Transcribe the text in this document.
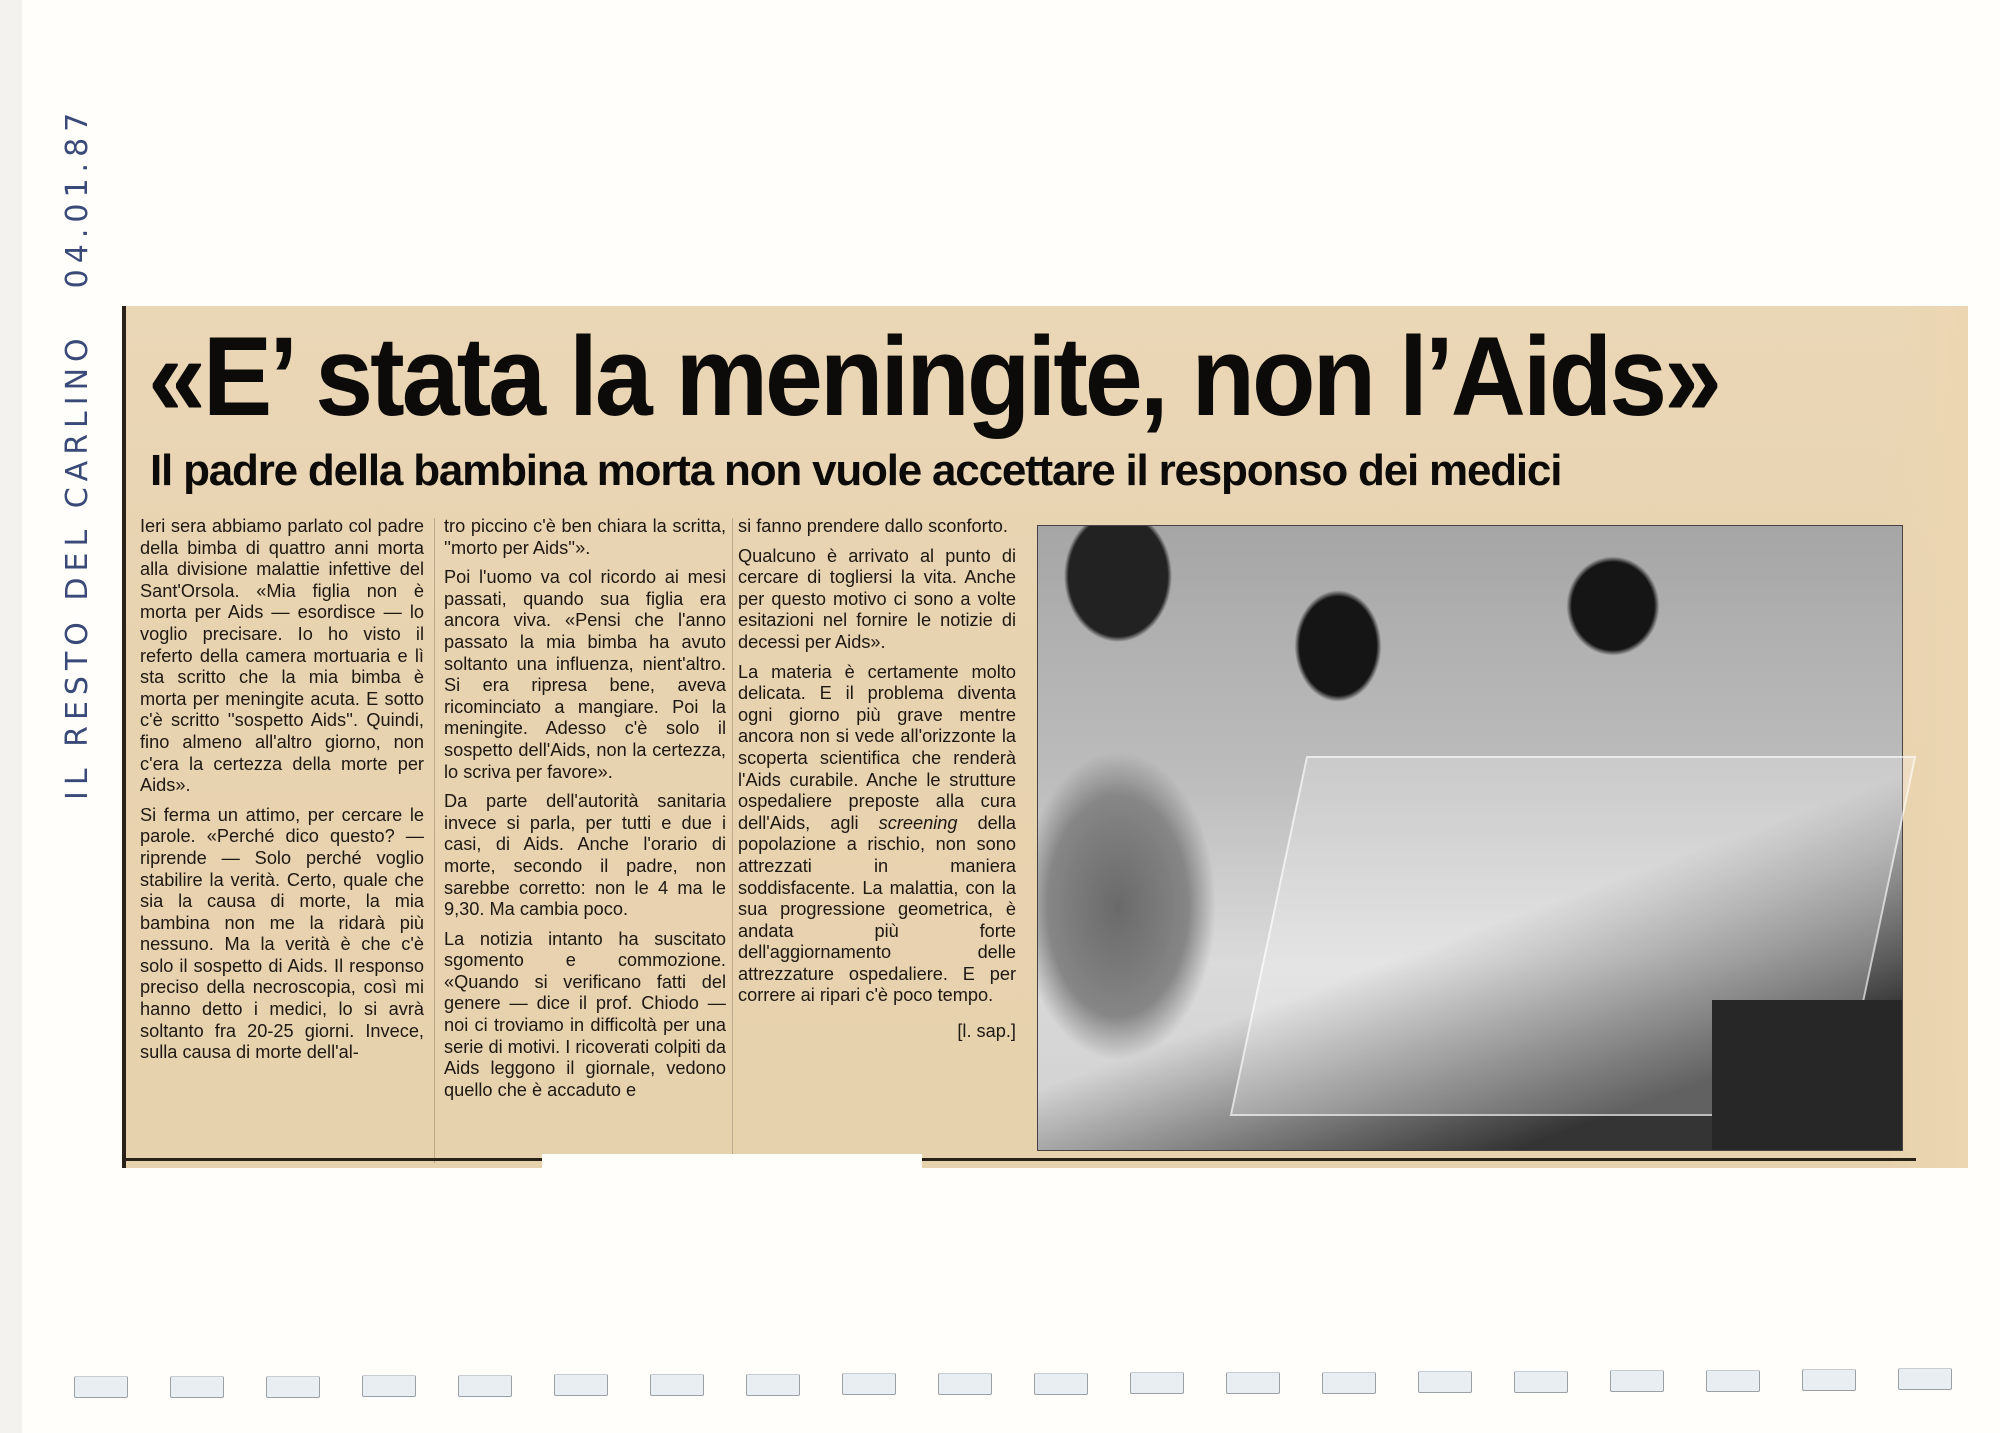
IL RESTO DEL CARLINO04.01.87
«E’ stata la meningite, non l’Aids»
Il padre della bambina morta non vuole accettare il responso dei medici

Ieri sera abbiamo parlato col padre della bimba di quattro anni morta alla divisione malattie infettive del Sant'Orsola. «Mia figlia non è morta per Aids — esordisce — lo voglio precisare. Io ho visto il referto della camera mortuaria e lì sta scritto che la mia bimba è morta per meningite acuta. E sotto c'è scritto ''sospetto Aids''. Quindi, fino almeno all'altro giorno, non c'era la certezza della morte per Aids».

Si ferma un attimo, per cercare le parole. «Perché dico questo? — riprende — Solo perché voglio stabilire la verità. Certo, quale che sia la causa di morte, la mia bambina non me la ridarà più nessuno. Ma la verità è che c'è solo il sospetto di Aids. Il responso preciso della necroscopia, così mi hanno detto i medici, lo si avrà soltanto fra 20-25 giorni. Invece, sulla causa di morte dell'al-

tro piccino c'è ben chiara la scritta, ''morto per Aids''».

Poi l'uomo va col ricordo ai mesi passati, quando sua figlia era ancora viva. «Pensi che l'anno passato la mia bimba ha avuto soltanto una influenza, nient'altro. Si era ripresa bene, aveva ricominciato a mangiare. Poi la meningite. Adesso c'è solo il sospetto dell'Aids, non la certezza, lo scriva per favore».

Da parte dell'autorità sanitaria invece si parla, per tutti e due i casi, di Aids. Anche l'orario di morte, secondo il padre, non sarebbe corretto: non le 4 ma le 9,30. Ma cambia poco.

La notizia intanto ha suscitato sgomento e commozione. «Quando si verificano fatti del genere — dice il prof. Chiodo — noi ci troviamo in difficoltà per una serie di motivi. I ricoverati colpiti da Aids leggono il giornale, vedono quello che è accaduto e

si fanno prendere dallo sconforto.

Qualcuno è arrivato al punto di cercare di togliersi la vita. Anche per questo motivo ci sono a volte esitazioni nel fornire le notizie di decessi per Aids».

La materia è certamente molto delicata. E il problema diventa ogni giorno più grave mentre ancora non si vede all'orizzonte la scoperta scientifica che renderà l'Aids curabile. Anche le strutture ospedaliere preposte alla cura dell'Aids, agli screening della popolazione a rischio, non sono attrezzati in maniera soddisfacente. La malattia, con la sua progressione geometrica, è andata più forte dell'aggiornamento delle attrezzature ospedaliere. E per correre ai ripari c'è poco tempo.

[l. sap.]
